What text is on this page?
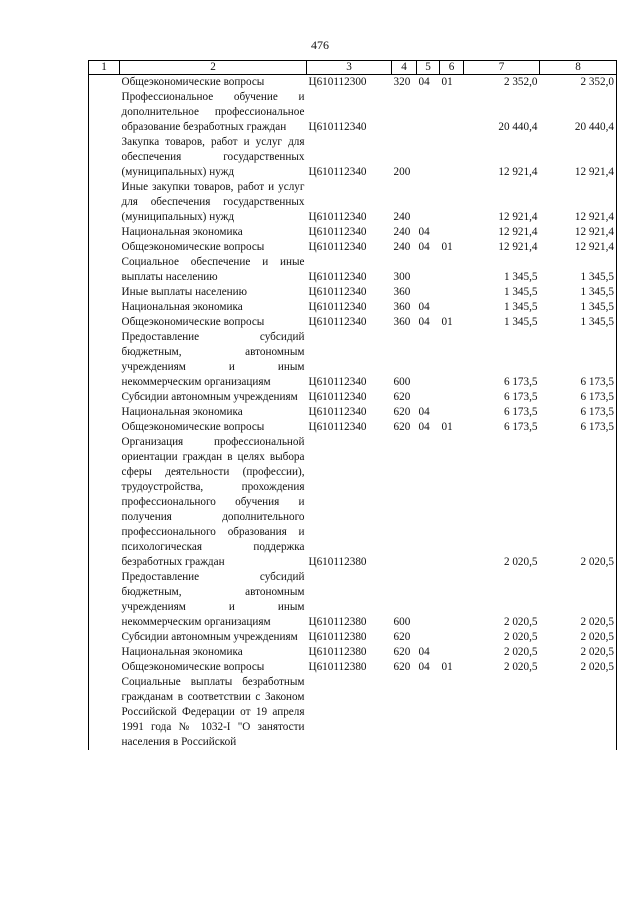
476
1	2	3	4	5	6	7	8
	Общеэкономические вопросы	Ц610112300	320	04	01	2 352,0	2 352,0
	Профессиональное обучение и дополнительное профессиональное образование безработных граждан	Ц610112340				20 440,4	20 440,4
	Закупка товаров, работ и услуг для обеспечения государственных (муниципальных) нужд	Ц610112340	200			12 921,4	12 921,4
	Иные закупки товаров, работ и услуг для обеспечения государственных (муниципальных) нужд	Ц610112340	240			12 921,4	12 921,4
	Национальная экономика	Ц610112340	240	04		12 921,4	12 921,4
	Общеэкономические вопросы	Ц610112340	240	04	01	12 921,4	12 921,4
	Социальное обеспечение и иные выплаты населению	Ц610112340	300			1 345,5	1 345,5
	Иные выплаты населению	Ц610112340	360			1 345,5	1 345,5
	Национальная экономика	Ц610112340	360	04		1 345,5	1 345,5
	Общеэкономические вопросы	Ц610112340	360	04	01	1 345,5	1 345,5
	Предоставление субсидий бюджетным, автономным учреждениям и иным некоммерческим организациям	Ц610112340	600			6 173,5	6 173,5
	Субсидии автономным учреждениям	Ц610112340	620			6 173,5	6 173,5
	Национальная экономика	Ц610112340	620	04		6 173,5	6 173,5
	Общеэкономические вопросы	Ц610112340	620	04	01	6 173,5	6 173,5
	Организация профессиональной ориентации граждан в целях выбора сферы деятельности (профессии), трудоустройства, прохождения профессионального обучения и получения дополнительного профессионального образования и психологическая поддержка безработных граждан	Ц610112380				2 020,5	2 020,5
	Предоставление субсидий бюджетным, автономным учреждениям и иным некоммерческим организациям	Ц610112380	600			2 020,5	2 020,5
	Субсидии автономным учреждениям	Ц610112380	620			2 020,5	2 020,5
	Национальная экономика	Ц610112380	620	04		2 020,5	2 020,5
	Общеэкономические вопросы	Ц610112380	620	04	01	2 020,5	2 020,5
	Социальные выплаты безработным гражданам в соответствии с Законом Российской Федерации от 19 апреля 1991 года № 1032-I "О занятости населения в Российской						
